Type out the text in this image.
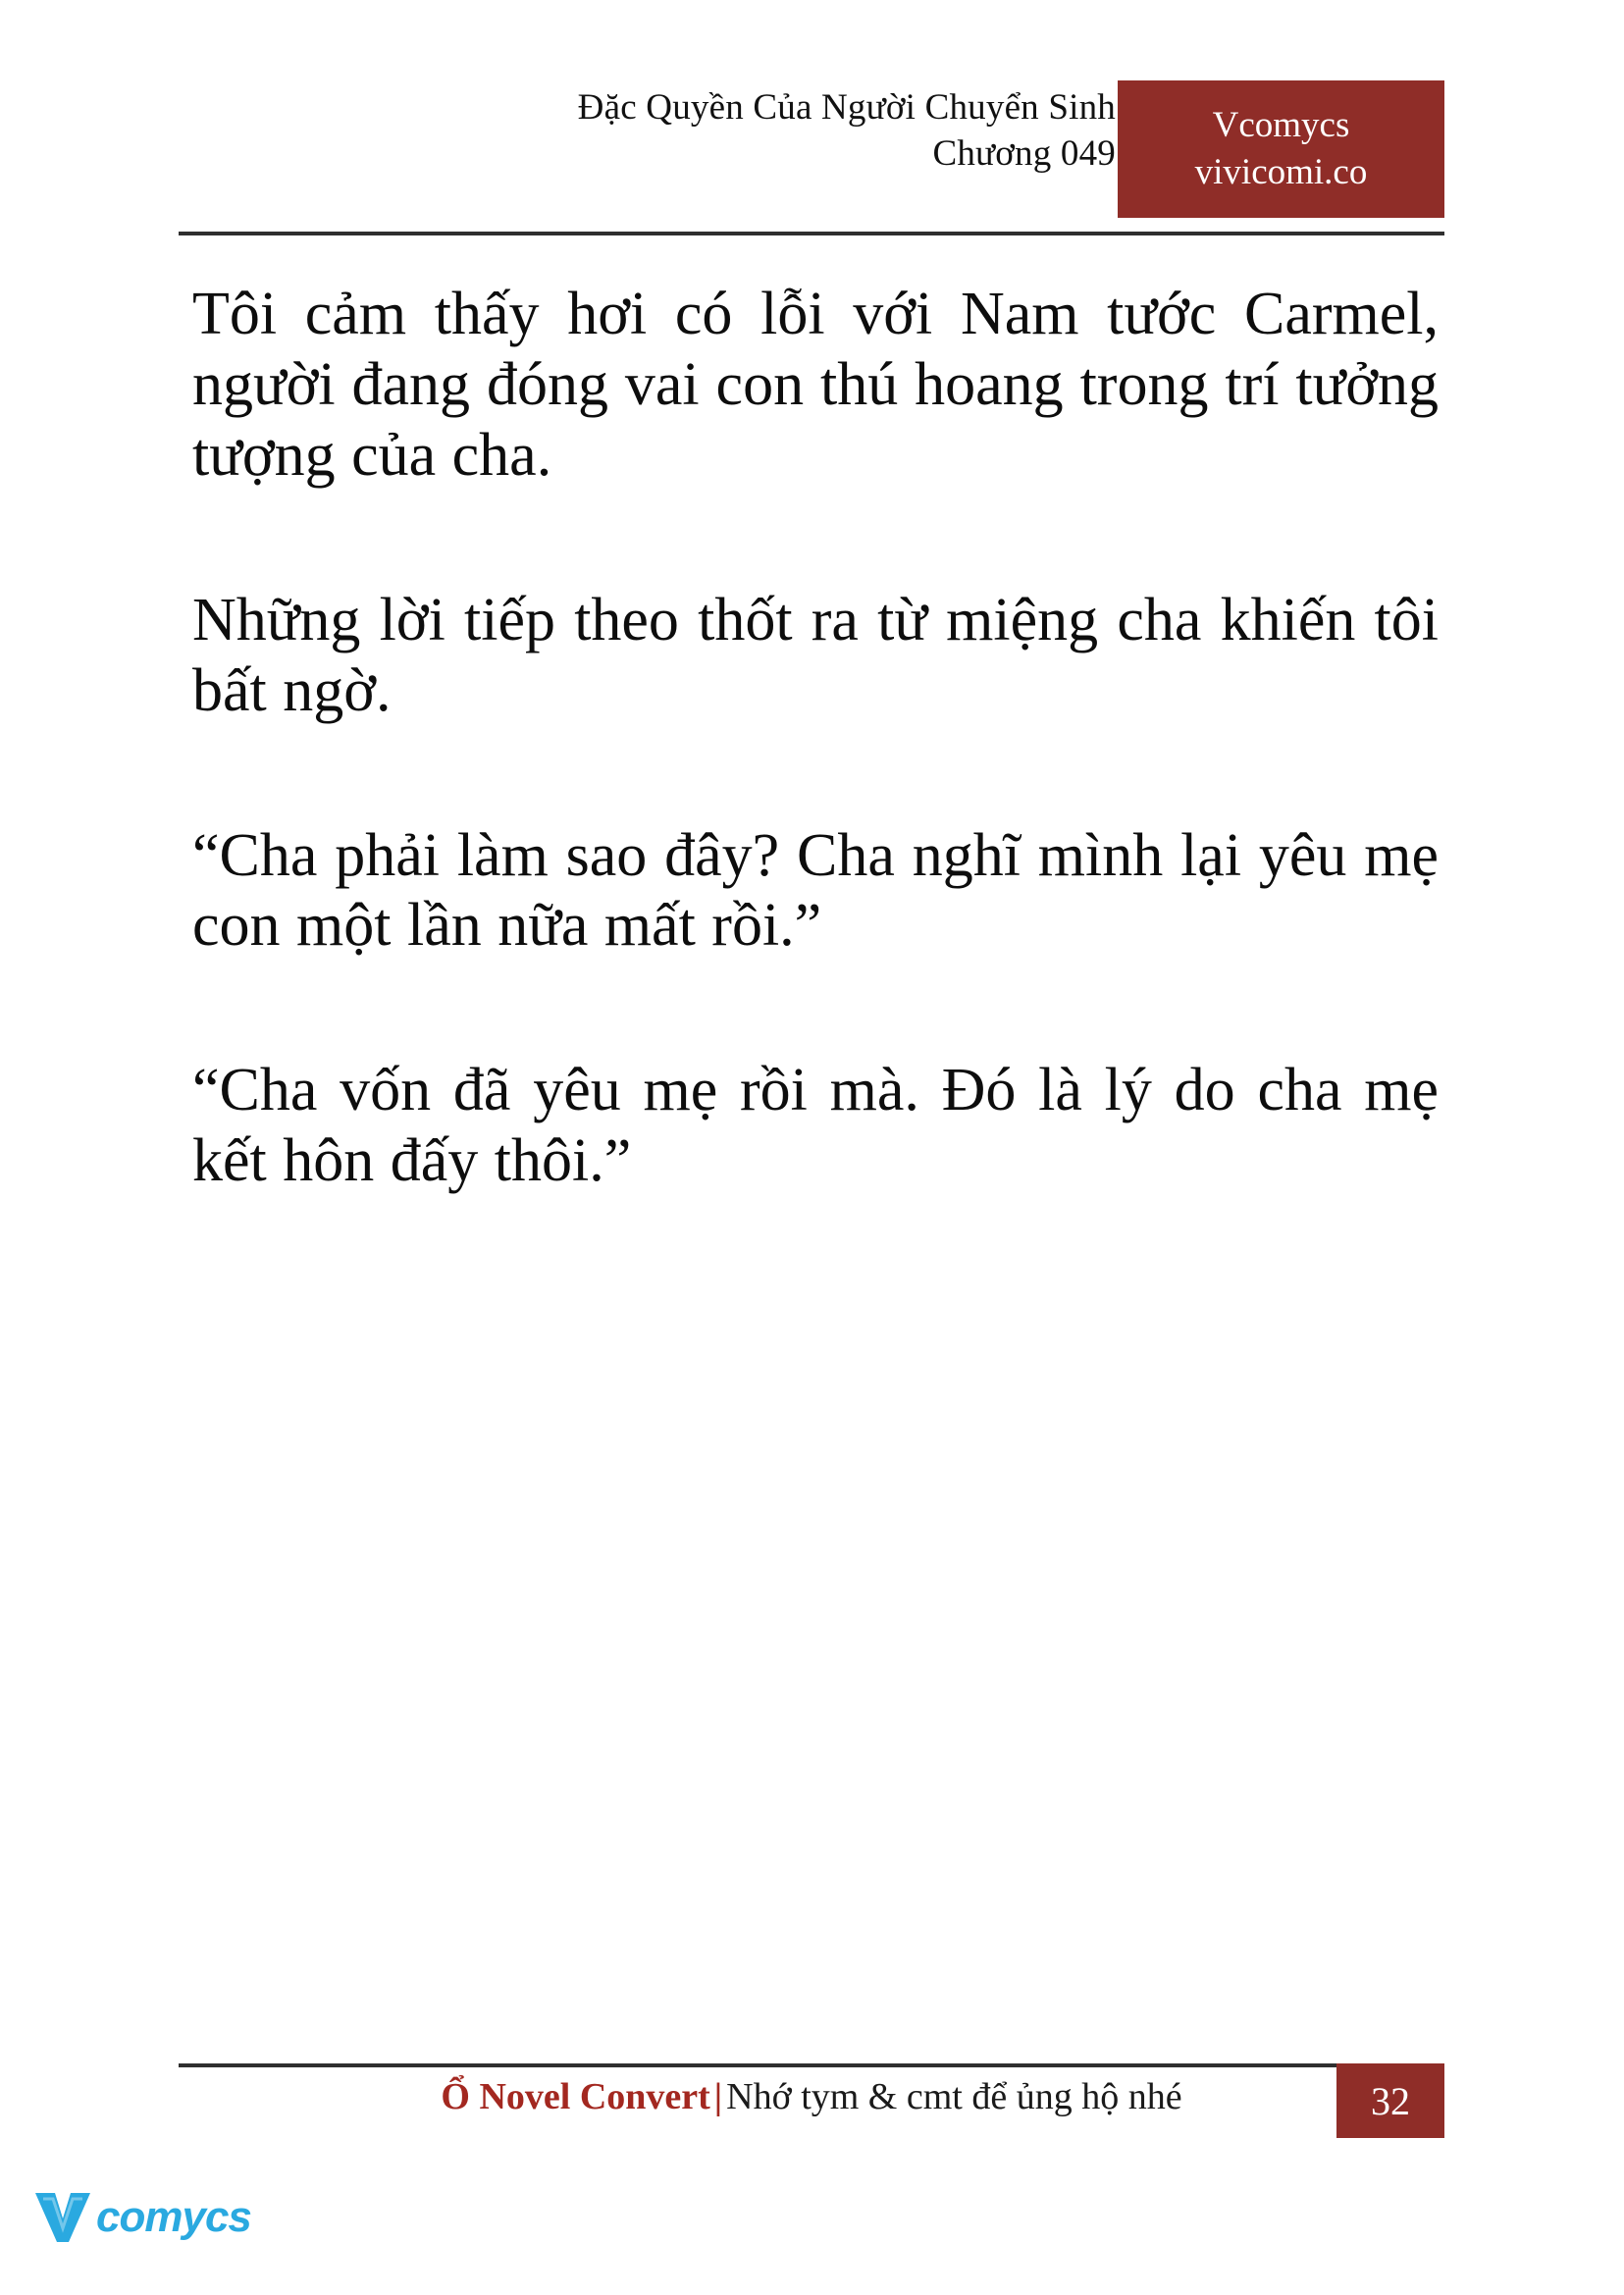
Đặc Quyền Của Người Chuyển Sinh
Chương 049
Vcomycs
vivicomi.co

Tôi cảm thấy hơi có lỗi với Nam tước Carmel, người đang đóng vai con thú hoang trong trí tưởng tượng của cha.

Những lời tiếp theo thốt ra từ miệng cha khiến tôi bất ngờ.

“Cha phải làm sao đây? Cha nghĩ mình lại yêu mẹ con một lần nữa mất rồi.”

“Cha vốn đã yêu mẹ rồi mà. Đó là lý do cha mẹ kết hôn đấy thôi.”

Ổ Novel Convert | Nhớ tym & cmt để ủng hộ nhé	32
comycs
